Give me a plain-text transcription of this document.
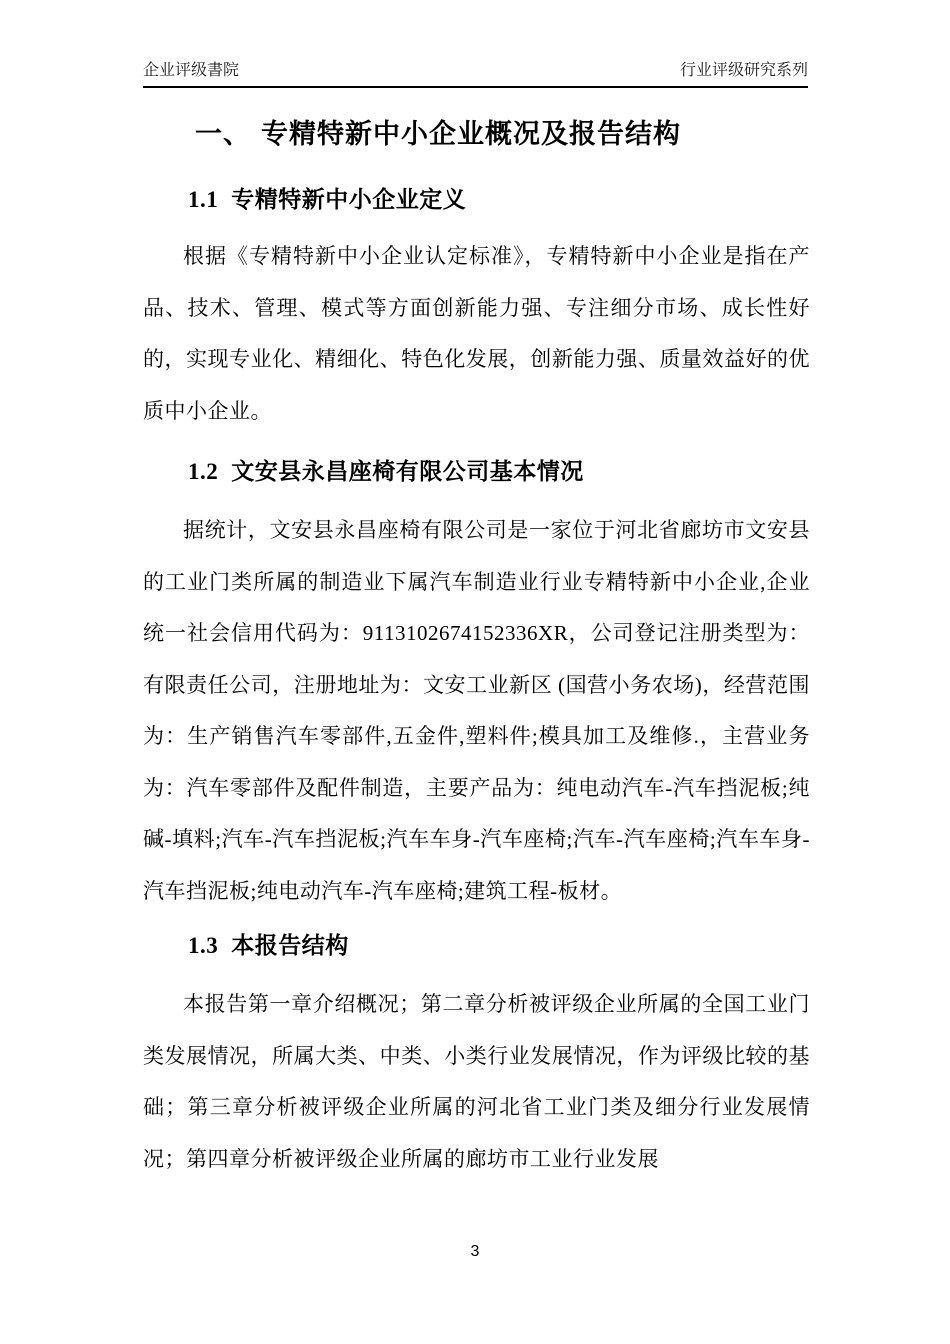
企业评级書院	行业评级研究系列
一、 专精特新中小企业概况及报告结构
1.1 专精特新中小企业定义

根据《专精特新中小企业认定标准》，专精特新中小企业是指在产品、技术、管理、模式等方面创新能力强、专注细分市场、成长性好的，实现专业化、精细化、特色化发展，创新能力强、质量效益好的优质中小企业。

1.2 文安县永昌座椅有限公司基本情况

据统计，文安县永昌座椅有限公司是一家位于河北省廊坊市文安县的工业门类所属的制造业下属汽车制造业行业专精特新中小企业,企业统一社会信用代码为：9113102674152336XR，公司登记注册类型为：有限责任公司，注册地址为：文安工业新区 (国营小务农场)，经营范围为：生产销售汽车零部件,五金件,塑料件;模具加工及维修.，主营业务为：汽车零部件及配件制造，主要产品为：纯电动汽车-汽车挡泥板;纯碱-填料;汽车-汽车挡泥板;汽车车身-汽车座椅;汽车-汽车座椅;汽车车身-汽车挡泥板;纯电动汽车-汽车座椅;建筑工程-板材。

1.3 本报告结构

本报告第一章介绍概况；第二章分析被评级企业所属的全国工业门类发展情况，所属大类、中类、小类行业发展情况，作为评级比较的基础；第三章分析被评级企业所属的河北省工业门类及细分行业发展情况；第四章分析被评级企业所属的廊坊市工业行业发展

3
